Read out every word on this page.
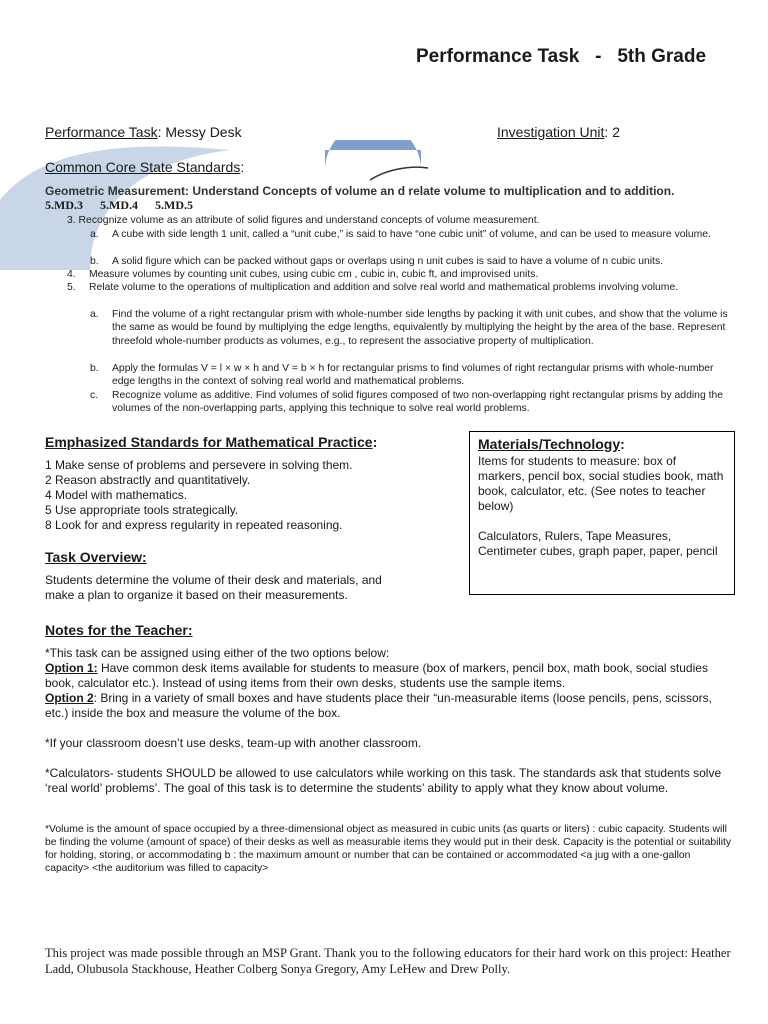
Performance Task   -   5th Grade
Performance Task: Messy Desk	Investigation Unit: 2
Common Core State Standards:
Geometric Measurement: Understand Concepts of volume an d relate volume to multiplication and to addition.
5.MD.3 5.MD.4 5.MD.5
3. Recognize volume as an attribute of solid figures and understand concepts of volume measurement.
a.	A cube with side length 1 unit, called a “unit cube,” is said to have “one cubic unit” of volume, and can be used to measure volume.
b.	A solid figure which can be packed without gaps or overlaps using n unit cubes is said to have a volume of n cubic units.
4.	Measure volumes by counting unit cubes, using cubic cm , cubic in, cubic ft, and improvised units.
5.	Relate volume to the operations of multiplication and addition and solve real world and mathematical problems involving volume.
a.	Find the volume of a right rectangular prism with whole-number side lengths by packing it with unit cubes, and show that the volume is the same as would be found by multiplying the edge lengths, equivalently by multiplying the height by the area of the base. Represent threefold whole-number products as volumes, e.g., to represent the associative property of multiplication.
b.	Apply the formulas V = l × w × h and V = b × h for rectangular prisms to find volumes of right rectangular prisms with whole-number edge lengths in the context of solving real world and mathematical problems.
c.	Recognize volume as additive. Find volumes of solid figures composed of two non-overlapping right rectangular prisms by adding the volumes of the non-overlapping parts, applying this technique to solve real world problems.
Emphasized Standards for Mathematical Practice:
1 Make sense of problems and persevere in solving them.
2 Reason abstractly and quantitatively.
4 Model with mathematics.
5 Use appropriate tools strategically.
8 Look for and express regularity in repeated reasoning.
Materials/Technology:
Items for students to measure: box of markers, pencil box, social studies book, math book, calculator, etc. (See notes to teacher below)
Calculators, Rulers, Tape Measures, Centimeter cubes, graph paper, paper, pencil
Task Overview:
Students determine the volume of their desk and materials, and make a plan to organize it based on their measurements.
Notes for the Teacher:

*This task can be assigned using either of the two options below:

Option 1: Have common desk items available for students to measure (box of markers, pencil box, math book, social studies book, calculator etc.). Instead of using items from their own desks, students use the sample items.

Option 2: Bring in a variety of small boxes and have students place their “un-measurable items (loose pencils, pens, scissors, etc.) inside the box and measure the volume of the box.

*If your classroom doesn’t use desks, team-up with another classroom.

*Calculators- students SHOULD be allowed to use calculators while working on this task. The standards ask that students solve ‘real world’ problems’. The goal of this task is to determine the students’ ability to apply what they know about volume.

*Volume is the amount of space occupied by a three-dimensional object as measured in cubic units (as quarts or liters) : cubic capacity. Students will be finding the volume (amount of space) of their desks as well as measurable items they would put in their desk. Capacity is the potential or suitability for holding, storing, or accommodating b : the maximum amount or number that can be contained or accommodated <a jug with a one-gallon capacity> <the auditorium was filled to capacity>
This project was made possible through an MSP Grant. Thank you to the following educators for their hard work on this project: Heather Ladd, Olubusola Stackhouse, Heather Colberg Sonya Gregory, Amy LeHew and Drew Polly.
